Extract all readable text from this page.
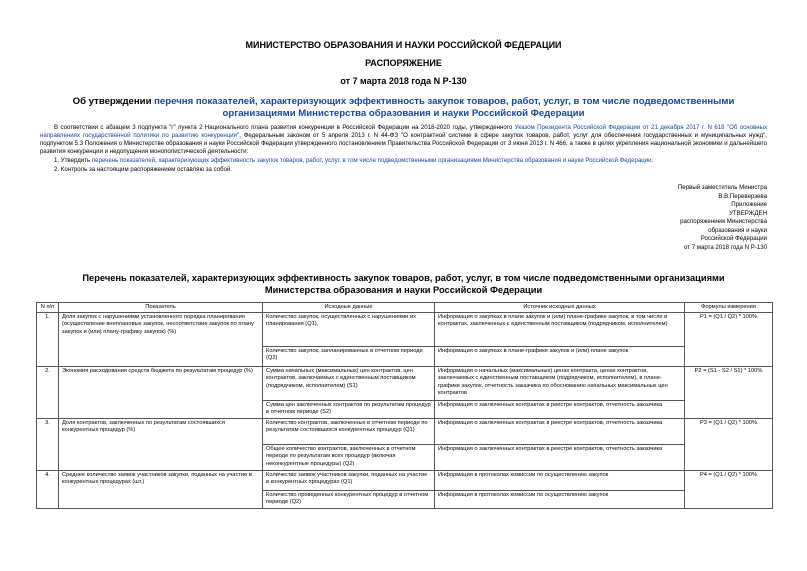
МИНИСТЕРСТВО ОБРАЗОВАНИЯ И НАУКИ РОССИЙСКОЙ ФЕДЕРАЦИИ
РАСПОРЯЖЕНИЕ
от 7 марта 2018 года N Р-130
Об утверждении перечня показателей, характеризующих эффективность закупок товаров, работ, услуг, в том числе подведомственными организациями Министерства образования и науки Российской Федерации
В соответствии с абзацем 3 подпункта "г" пункта 2 Национального плана развития конкуренции в Российской Федерации на 2018-2020 годы, утвержденного Указом Президента Российской Федерации от 21 декабря 2017 г. N 618 "Об основных направлениях государственной политики по развитию конкуренции", Федеральным законом от 5 апреля 2013 г. N 44-ФЗ "О контрактной системе в сфере закупок товаров, работ, услуг для обеспечения государственных и муниципальных нужд", подпунктом 5.3 Положения о Министерстве образования и науки Российской Федерации утвержденного постановлением Правительства Российской Федерации от 3 июня 2013 г. N 466, а также в целях укрепления национальной экономики и дальнейшего развития конкуренции и недопущения монополистической деятельности:
1. Утвердить перечень показателей, характеризующих эффективность закупок товаров, работ, услуг, в том числе подведомственными организациями Министерства образования и науки Российской Федерации.
2. Контроль за настоящим распоряжением оставляю за собой.
Первый заместитель Министра
В.В.Переверзева
Приложение
УТВЕРЖДЕН
распоряжением Министерства
образования и науки
Российской Федерации
от 7 марта 2018 года N Р-130
Перечень показателей, характеризующих эффективность закупок товаров, работ, услуг, в том числе подведомственными организациями Министерства образования и науки Российской Федерации
N п/п	Показатель	Исходные данные	Источник исходных данных	Формулы измерения
1.	Доля закупок с нарушениями установленного порядка планирования (осуществление внеплановых закупок, несоответствие закупок по плану закупок и (или) плану-графику закупок) (%)	Количество закупок, осуществленных с нарушениями их планирования (Q1),	Информация о закупках в плане закупок и (или) плане-графике закупок, в том числе в контрактах, заключенных с единственным поставщиком (подрядчиком, исполнителем)	P1 = (Q1 / Q2) * 100%
		Количество закупок, запланированных в отчетном периоде (Q2)	Информация о закупках в плане-графике закупок и (или) плане закупок	
2.	Экономия расходования средств бюджета по результатам процедур (%)	Сумма начальных (максимальных) цен контрактов, цен контрактов, заключаемых с единственным поставщиком (подрядчиком, исполнителем) (S1)	Информация о начальных (максимальных) ценах контракта, ценах контрактов, заключаемых с единственным поставщиком (подрядчиком, исполнителем), в плане-графике закупок, отчетность заказчика по обоснованию начальных максимальных цен контрактов	P2 = (S1 - S2 / S1) * 100%
		Сумма цен заключенных контрактов по результатам процедур в отчетном периоде (S2)	Информация о заключенных контрактах в реестре контрактов, отчетность заказчика	
3.	Доля контрактов, заключенных по результатам состоявшихся конкурентных процедур (%)	Количество контрактов, заключенных в отчетном периоде по результатам состоявшихся конкурентных процедур (Q1)	Информация о заключенных контрактах в реестре контрактов, отчетность заказчика	P3 = (Q1 / Q2) * 100%
		Общее количество контрактов, заключенных в отчетном периоде по результатам всех процедур (включая неконкурентные процедуры) (Q2)	Информация о заключенных контрактах в реестре контрактов, отчетность заказчика	
4.	Среднее количество заявок участников закупки, поданных на участие в конкурентных процедурах (шт.)	Количество заявок участников закупки, поданных на участие в конкурентных процедурах (Q1)	Информация в протоколах комиссии по осуществлению закупок	P4 = (Q1 / Q2) * 100%
		Количество проведенных конкурентных процедур в отчетном периоде (Q2)	Информация в протоколах комиссии по осуществлению закупок	
